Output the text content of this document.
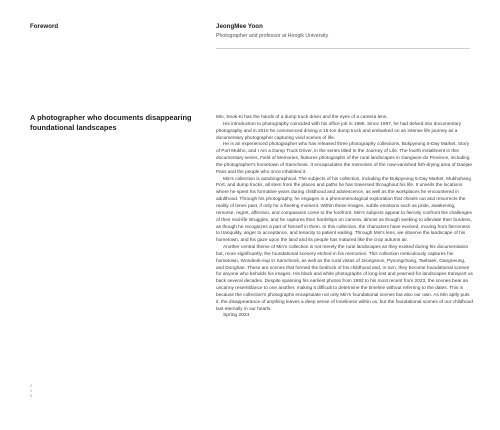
Foreword	JeongMee Yoon
Photographer and professor at Hongik University
A photographer who documents disappearing foundational landscapes

Min, Seok-Ki has the hands of a dump truck driver and the eyes of a camera lens.

His introduction to photography coincided with his office job in 1986. Since 1997, he had delved into documentary photography and in 2010 he commenced driving a 15-ton dump truck and embarked on an intense life journey as a documentary photographer capturing vivid scenes of life.

He is an experienced photographer who has released three photography collections, Bukpyeong 5-Day Market, Story of Port Mukho, and I Am a Dump Truck Driver, in the series titled In the Journey of Life. The fourth installment in this documentary series, Field of Memories, features photographs of the rural landscapes in Gangwon-do Province, including the photographer's hometown of Samcheok. It encapsulates the memories of the now-vanished fish-drying area of Daejae Pass and the people who once inhabited it.

Min's collection is autobiographical. The subjects of his collection, including the Bukpyeong 5-Day Market, Mukhohang Port, and dump trucks, all stem from the places and paths he has traversed throughout his life. It unveils the locations where he spent his formative years during childhood and adolescence, as well as the workplaces he encountered in adulthood. Through his photography, he engages in a phenomenological exploration that chisels out and resurrects the reality of times past, if only for a fleeting moment. Within these images, subtle emotions such as pride, awakening, remorse, regret, affection, and compassion come to the forefront. Min's subjects appear to fiercely confront the challenges of their real-life struggles, and he captures their hardships on camera, almost as though seeking to alleviate their burdens, as though he recognizes a part of himself in them. In this collection, the characters have evolved, moving from fierceness to tranquility, anger to acceptance, and tenacity to patient waiting. Through Min's lens, we observe the landscape of his hometown, and his gaze upon the land and its people has matured like the crop autumn air.

Another central theme of Min's collection is not merely the rural landscapes as they existed during his documentation but, more significantly, the foundational scenery etched in his memories. This collection meticulously captures his hometown, Wondeok-eup in Samcheok, as well as the rural vistas of Jeongseon, Pyeongchang, Taebaek, Gangneung, and Donghae. These are scenes that formed the bedrock of his childhood and, in turn, they become foundational scenes for anyone who beholds his images. His black and white photographs of long-lost and yearned-for landscapes transport us back several decades. Despite spanning his earliest photos from 1992 to his most recent from 2023, the scenes bear an uncanny resemblance to one another, making it difficult to determine the timeline without referring to the dates. This is because the collection's photographs encapsulate not only Min's foundational scenes but also our own. As Min aptly puts it, the disappearance of anything leaves a deep sense of loneliness within us, but the foundational scenes of our childhood last eternally in our hearts.

Spring 2024
0
0
8
